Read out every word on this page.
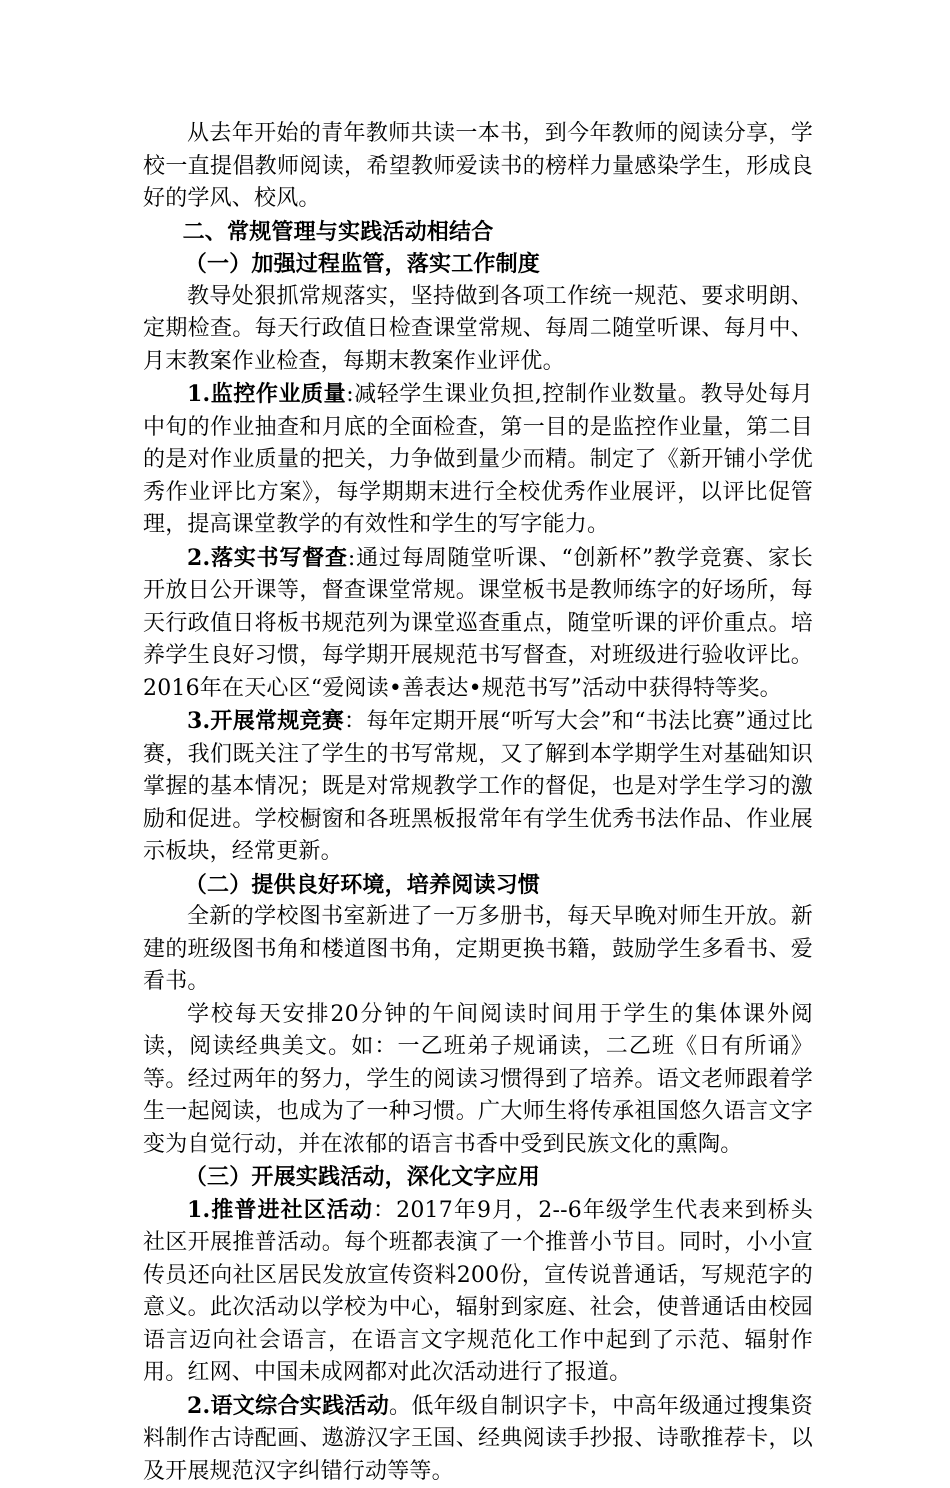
从去年开始的青年教师共读一本书，到今年教师的阅读分享，学校一直提倡教师阅读，希望教师爱读书的榜样力量感染学生，形成良好的学风、校风。

二、常规管理与实践活动相结合

（一）加强过程监管，落实工作制度

教导处狠抓常规落实，坚持做到各项工作统一规范、要求明朗、定期检查。每天行政值日检查课堂常规、每周二随堂听课、每月中、月末教案作业检查，每期末教案作业评优。

1.监控作业质量:减轻学生课业负担,控制作业数量。教导处每月中旬的作业抽查和月底的全面检查，第一目的是监控作业量，第二目的是对作业质量的把关，力争做到量少而精。制定了《新开铺小学优秀作业评比方案》，每学期期末进行全校优秀作业展评，以评比促管理，提高课堂教学的有效性和学生的写字能力。

2.落实书写督查:通过每周随堂听课、“创新杯”教学竞赛、家长开放日公开课等，督查课堂常规。课堂板书是教师练字的好场所，每天行政值日将板书规范列为课堂巡查重点，随堂听课的评价重点。培养学生良好习惯，每学期开展规范书写督查，对班级进行验收评比。2016年在天心区“爱阅读•善表达•规范书写”活动中获得特等奖。

3.开展常规竞赛：每年定期开展“听写大会”和“书法比赛”通过比赛，我们既关注了学生的书写常规，又了解到本学期学生对基础知识掌握的基本情况；既是对常规教学工作的督促，也是对学生学习的激励和促进。学校橱窗和各班黑板报常年有学生优秀书法作品、作业展示板块，经常更新。

（二）提供良好环境，培养阅读习惯

全新的学校图书室新进了一万多册书，每天早晚对师生开放。新建的班级图书角和楼道图书角，定期更换书籍，鼓励学生多看书、爱看书。

学校每天安排20分钟的午间阅读时间用于学生的集体课外阅读，阅读经典美文。如：一乙班弟子规诵读，二乙班《日有所诵》等。经过两年的努力，学生的阅读习惯得到了培养。语文老师跟着学生一起阅读，也成为了一种习惯。广大师生将传承祖国悠久语言文字变为自觉行动，并在浓郁的语言书香中受到民族文化的熏陶。

（三）开展实践活动，深化文字应用

1.推普进社区活动：2017年9月，2--6年级学生代表来到桥头社区开展推普活动。每个班都表演了一个推普小节目。同时，小小宣传员还向社区居民发放宣传资料200份，宣传说普通话，写规范字的意义。此次活动以学校为中心，辐射到家庭、社会，使普通话由校园语言迈向社会语言，在语言文字规范化工作中起到了示范、辐射作用。红网、中国未成网都对此次活动进行了报道。

2.语文综合实践活动。低年级自制识字卡，中高年级通过搜集资料制作古诗配画、遨游汉字王国、经典阅读手抄报、诗歌推荐卡，以及开展规范汉字纠错行动等等。
